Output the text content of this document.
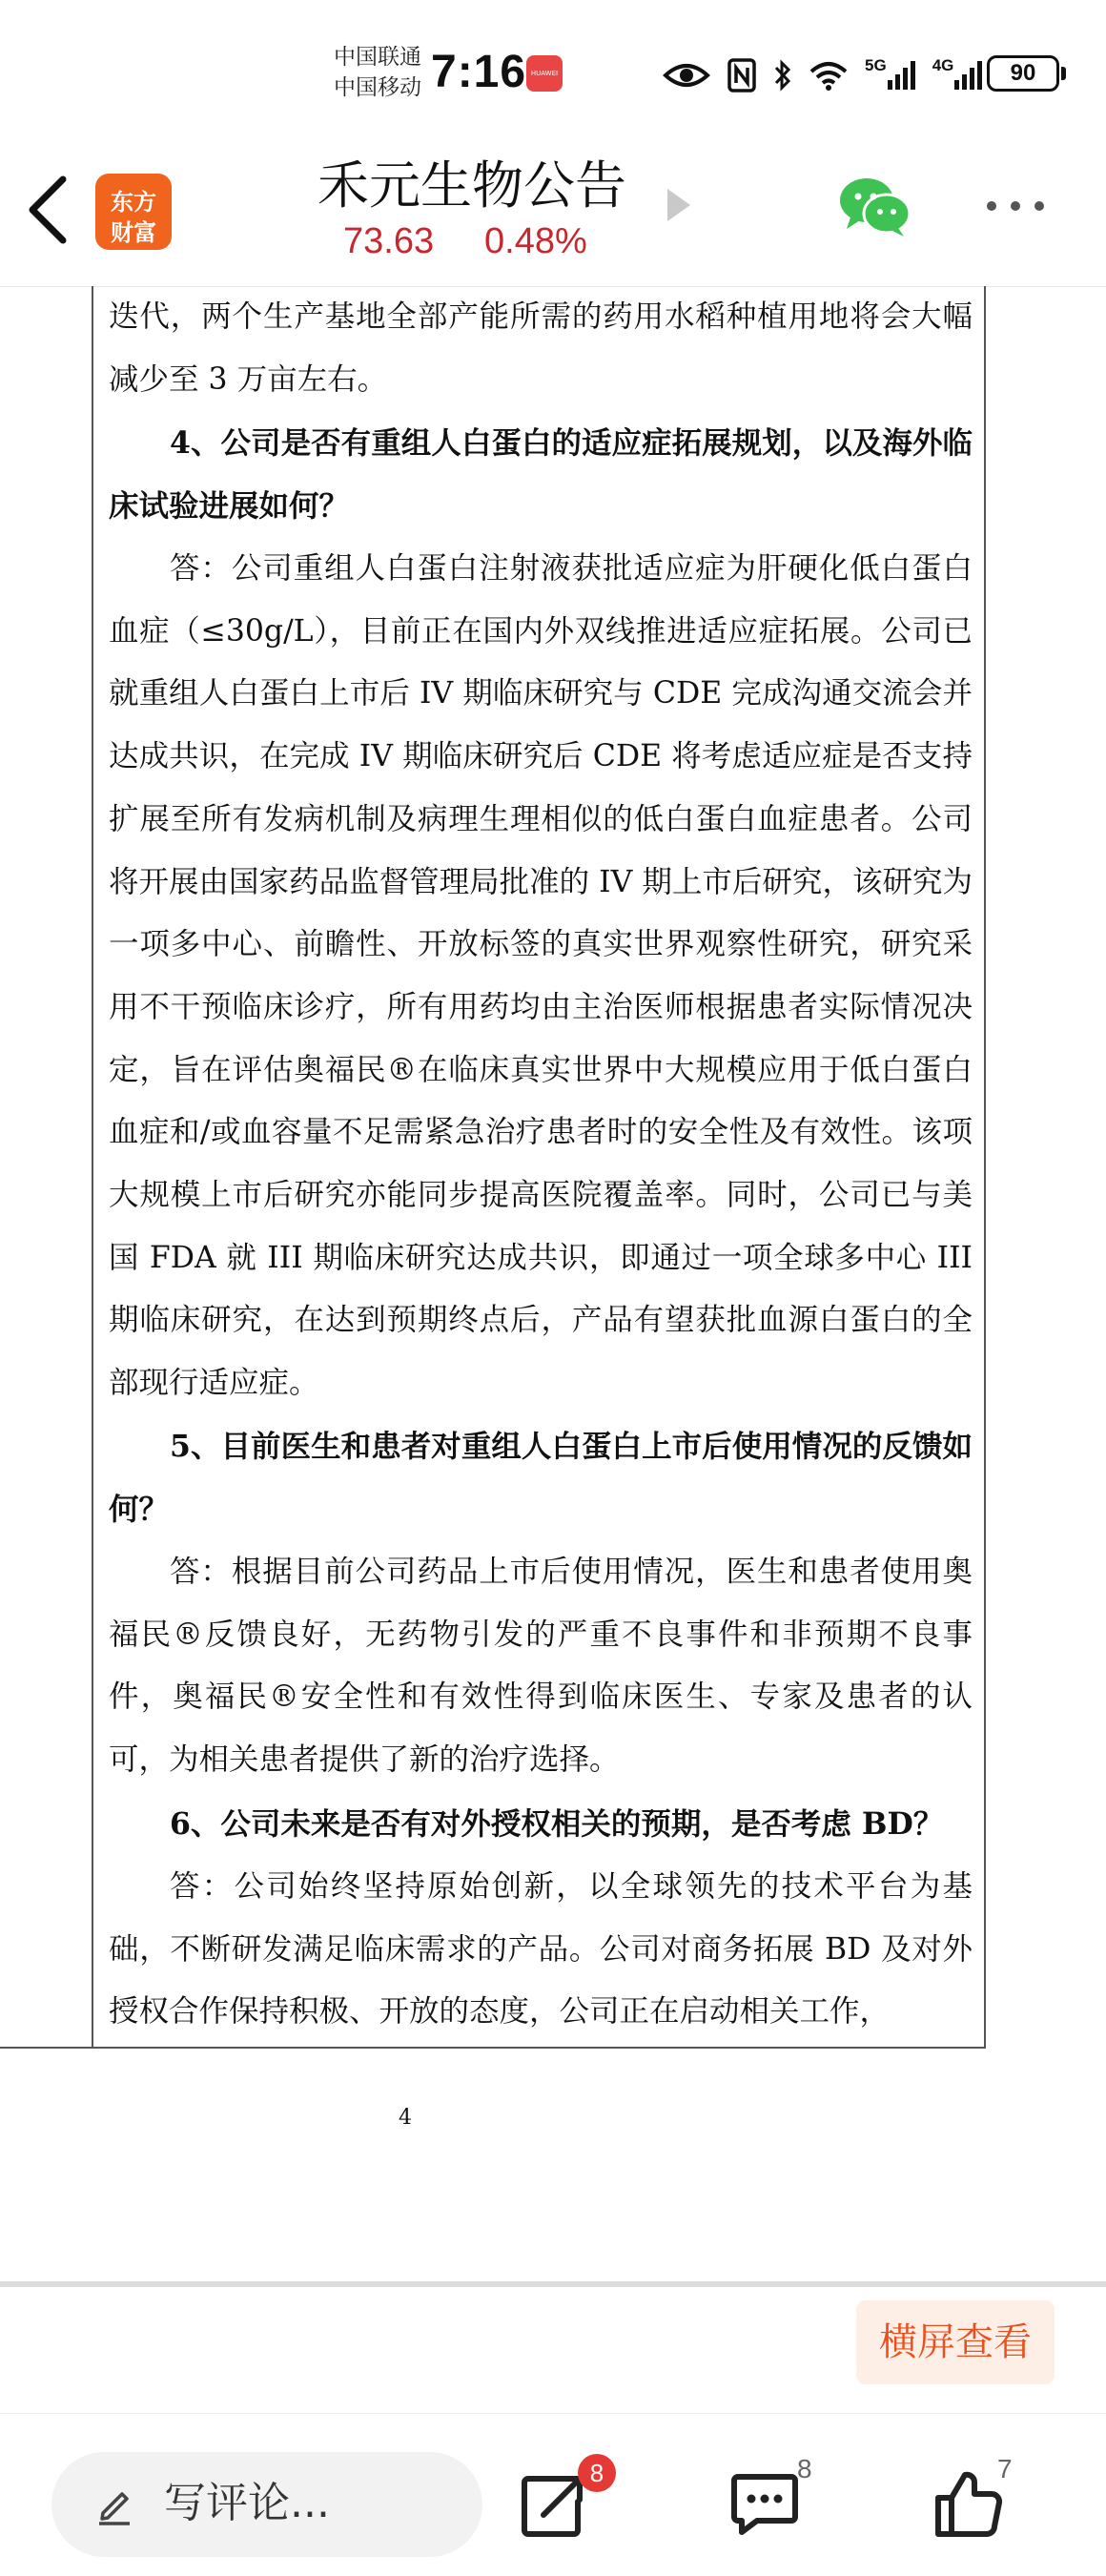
中国联通
中国移动 7:16 HUAWEI	5G	4G	90
东方
财富
禾元生物公告
73.63 0.48%
迭代，两个生产基地全部产能所需的药用水稻种植用地将会大幅减少至 3 万亩左右。
4、公司是否有重组人白蛋白的适应症拓展规划，以及海外临床试验进展如何？
答：公司重组人白蛋白注射液获批适应症为肝硬化低白蛋白血症（≤30g/L），目前正在国内外双线推进适应症拓展。公司已就重组人白蛋白上市后 IV 期临床研究与 CDE 完成沟通交流会并达成共识，在完成 IV 期临床研究后 CDE 将考虑适应症是否支持扩展至所有发病机制及病理生理相似的低白蛋白血症患者。公司将开展由国家药品监督管理局批准的 IV 期上市后研究，该研究为一项多中心、前瞻性、开放标签的真实世界观察性研究，研究采用不干预临床诊疗，所有用药均由主治医师根据患者实际情况决定，旨在评估奥福民®在临床真实世界中大规模应用于低白蛋白血症和/或血容量不足需紧急治疗患者时的安全性及有效性。该项大规模上市后研究亦能同步提高医院覆盖率。同时，公司已与美国 FDA 就 III 期临床研究达成共识，即通过一项全球多中心 III 期临床研究，在达到预期终点后，产品有望获批血源白蛋白的全部现行适应症。
5、目前医生和患者对重组人白蛋白上市后使用情况的反馈如何？
答：根据目前公司药品上市后使用情况，医生和患者使用奥福民®反馈良好，无药物引发的严重不良事件和非预期不良事件，奥福民®安全性和有效性得到临床医生、专家及患者的认可，为相关患者提供了新的治疗选择。
6、公司未来是否有对外授权相关的预期，是否考虑 BD？
答：公司始终坚持原始创新，以全球领先的技术平台为基础，不断研发满足临床需求的产品。公司对商务拓展 BD 及对外授权合作保持积极、开放的态度，公司正在启动相关工作，
4
横屏查看
写评论...
8	8	7
